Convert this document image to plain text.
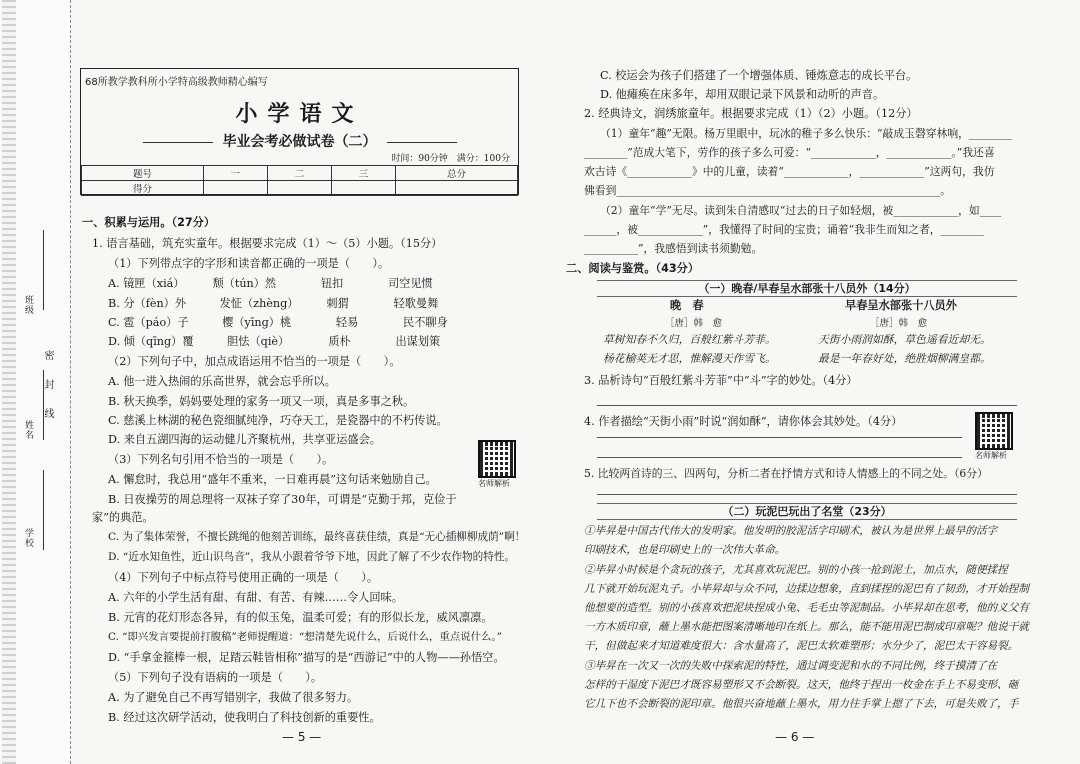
班级
姓名
密 封 线
学校
68所教学教科所小学特高级教师精心编写
小学语文
毕业会考必做试卷（二）
时间：90分钟　满分：100分
题号	一	二	三	总分
得分				
一、积累与运用。（27分）
1. 语言基础，筑充实童年。根据要求完成（1）～（5）小题。（15分）
（1）下列带点字的字形和读音都正确的一项是（　　）。
A. 镜匣（xiá）　　　颓（tún）然　　　　钮扣　　　　司空见惯
B. 分（fèn）外　　　发怔（zhèng）　　　刺猬　　　　轻歌曼舞
C. 雹（páo）子　　　樱（yīng）桃　　　　轻易　　　　民不聊身
D. 倾（qīng）覆　　　胆怯（qiè）　　　　质朴　　　　出谋划策
（2）下列句子中，加点成语运用不恰当的一项是（　　）。
A. 他一进入热闹的乐高世界，就会忘乎所以。
B. 秋天换季，妈妈要处理的家务一项又一项，真是多事之秋。
C. 慈溪上林湖的秘色瓷细腻纯净，巧夺天工，是瓷器中的不朽传说。
D. 来自五湖四海的运动健儿齐聚杭州，共享亚运盛会。
（3）下列名句引用不恰当的一项是（　　）。
A. 懈怠时，我总用“盛年不重来，一日难再晨”这句话来勉励自己。
B. 日夜操劳的周总理将一双袜子穿了30年，可谓是“克勤于邦，克俭于
家”的典范。
C. 为了集体荣誉，不擅长跳绳的他刻苦训练，最终喜获佳绩，真是“无心插柳柳成荫”啊！
D. “近水知鱼性，近山识鸟音”，我从小跟着爷爷下地，因此了解了不少农作物的特性。
（4）下列句子中标点符号使用正确的一项是（　　）。
A. 六年的小学生活有甜、有甜、有苦、有辣……令人回味。
B. 元宵的花灯形态各异，有的似玉兔，温柔可爱；有的形似长龙，威风凛凛。
C. “即兴发言要提前打腹稿”老师提醒道：“想清楚先说什么，后说什么，重点说什么。”
D. “手拿金箍棒一根，足踏云鞋皆相称”描写的是“西游记”中的人物——孙悟空。
（5）下列句子没有语病的一项是（　　）。
A. 为了避免自己不再写错别字，我做了很多努力。
B. 经过这次研学活动，使我明白了科技创新的重要性。
名师解析
— 5 —
C. 校运会为孩子们搭建了一个增强体质、锤炼意志的成长平台。
D. 他瘫痪在床多年，却用双眼记录下风景和动听的声音。
2. 经典诗文，润绣旅童年。根据要求完成（1）（2）小题。（12分）
（1）童年“趣”无限。杨万里眼中，玩冰的稚子多么快乐：“敲成玉磬穿林响，________
________”范成大笔下，劳作的孩子多么可爱：“____________，____________。”我还喜
欢古诗《____________》中的儿童，读着“____________，____________”这两句，我仿
佛看到____________________________________________________________。
（2）童年“学”无尽。读到朱自清感叹“过去的日子如轻烟，被____________，如____
______，被____________”，我懂得了时间的宝贵；诵着“我非生而知之者，________
__________”，我感悟到读书须勤勉。
二、阅读与鉴赏。（43分）
（一）晚春/早春呈水部张十八员外（14分）
晚　春
［唐］韩　愈
草树知春不久归，百般红紫斗芳菲。
杨花榆荚无才思，惟解漫天作雪飞。
早春呈水部张十八员外
［唐］韩　愈
天街小雨润如酥，草色遥看近却无。
最是一年春好处，绝胜烟柳满皇都。
3. 品析诗句“百般红紫斗芳菲”中“斗”字的妙处。（4分）
4. 作者描绘“天街小雨”时说“润如酥”，请你体会其妙处。（4分）
名师解析
5. 比较两首诗的三、四两句，分析二者在抒情方式和诗人情感上的不同之处。（6分）
（二）玩泥巴玩出了名堂（23分）
①毕昇是中国古代伟大的发明家。他发明的胶泥活字印刷术，被认为是世界上最早的活字
印刷技术，也是印刷史上的一次伟大革命。
②毕昇小时候是个贪玩的孩子，尤其喜欢玩泥巴。别的小孩一抢到泥土，加点水，随便揉捏
几下就开始玩泥丸子。小毕昇却与众不同，边揉边想象，直到揉捏的泥巴有了韧劲，才开始捏制
他想要的造型。别的小孩喜欢把泥块捏成小兔、毛毛虫等泥制品。小毕昇却在思考，他的义父有
一方木质印章，蘸上墨水能把图案清晰地印在纸上。那么，能不能用泥巴制成印章呢？他说干就
干，但做起来才知道难度很大：含水量高了，泥巴太软难塑形；水分少了，泥巴太干容易裂。
③毕昇在一次又一次的失败中探索泥的特性，通过调变泥和水的不同比例，终于摸清了在
怎样的干湿度下泥巴才既容易塑形又不会断裂。这天，他终于捏出一枚金在手上不易变形、砸
它几下也不会断裂的泥印章。他很兴奋地蘸上墨水，用力往手掌上摁了下去，可是失败了，手
— 6 —
